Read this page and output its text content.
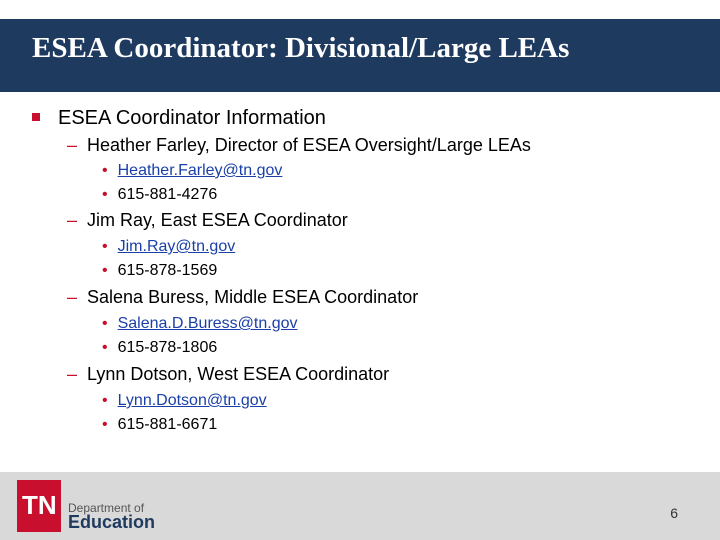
ESEA Coordinator: Divisional/Large LEAs
ESEA Coordinator Information
– Heather Farley, Director of ESEA Oversight/Large LEAs
• Heather.Farley@tn.gov
• 615-881-4276
– Jim Ray, East ESEA Coordinator
• Jim.Ray@tn.gov
• 615-878-1569
– Salena Buress, Middle ESEA Coordinator
• Salena.D.Buress@tn.gov
• 615-878-1806
– Lynn Dotson, West ESEA Coordinator
• Lynn.Dotson@tn.gov
• 615-881-6671
TN Department of
Education	6
